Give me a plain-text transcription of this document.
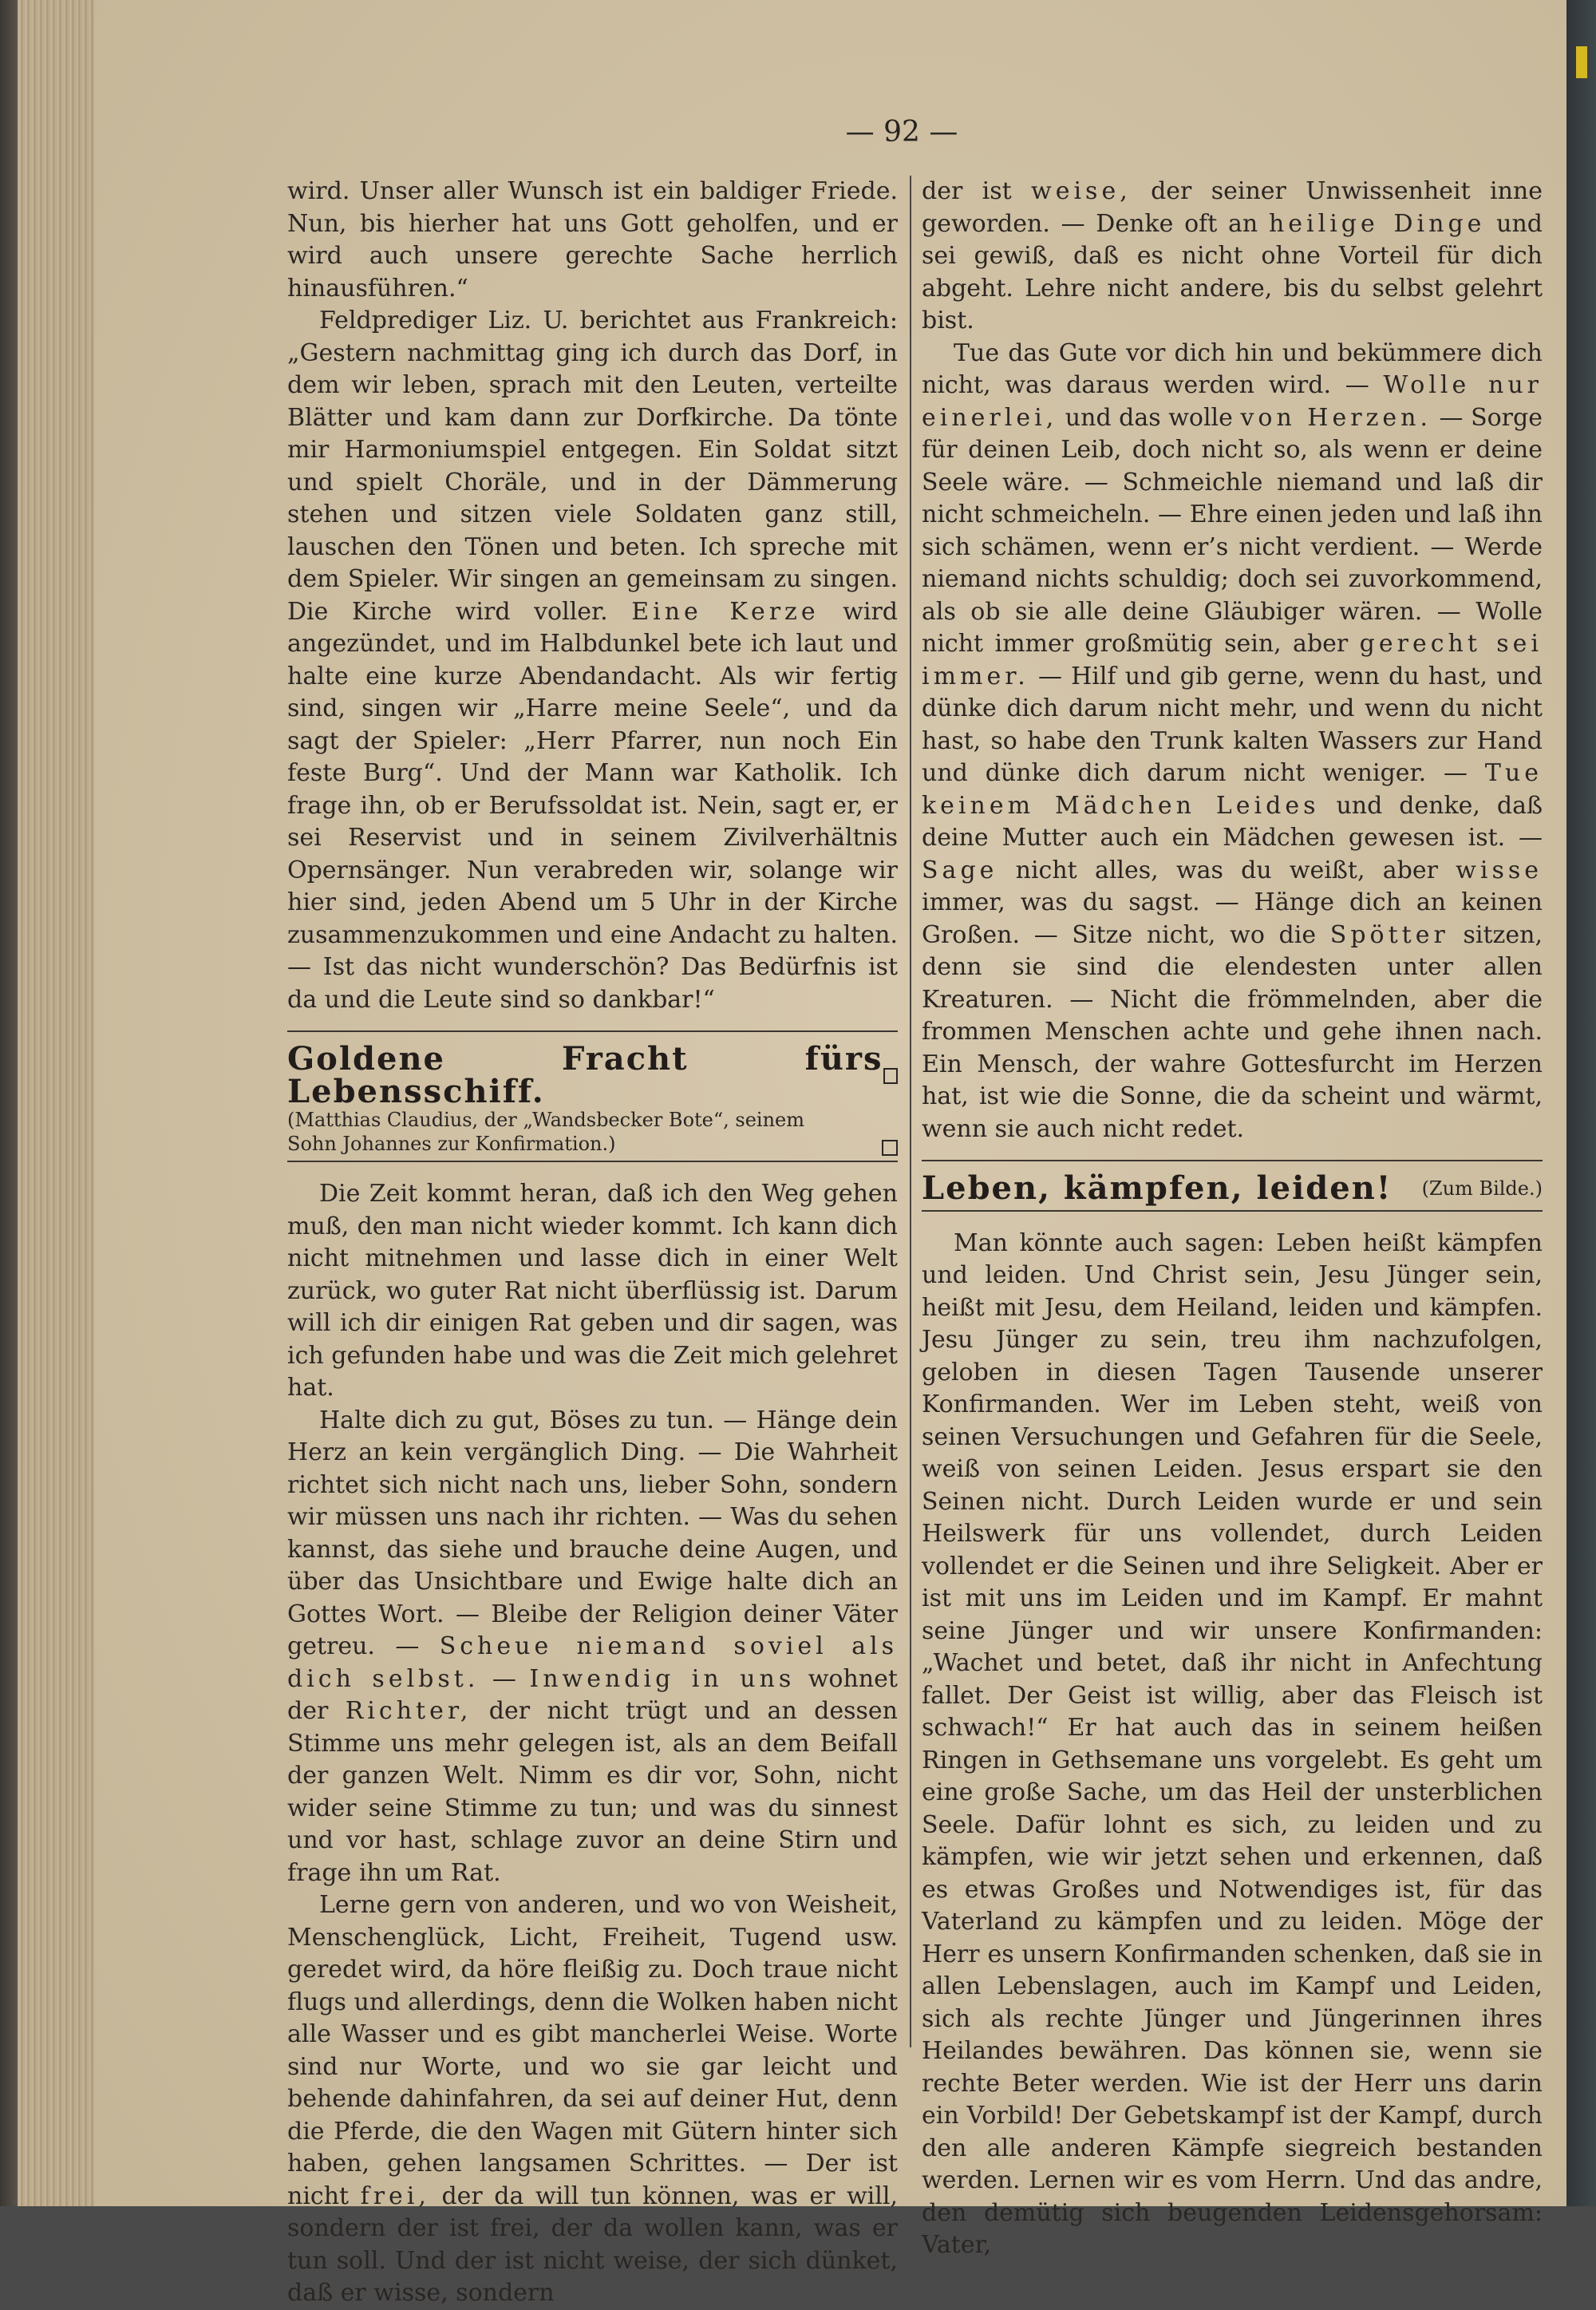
— 92 —

wird. Unser aller Wunsch ist ein baldiger Friede. Nun, bis hierher hat uns Gott geholfen, und er wird auch unsere gerechte Sache herrlich hinausführen.“

Feldprediger Liz. U. berichtet aus Frankreich: „Gestern nachmittag ging ich durch das Dorf, in dem wir leben, sprach mit den Leuten, verteilte Blätter und kam dann zur Dorfkirche. Da tönte mir Harmoniumspiel entgegen. Ein Soldat sitzt und spielt Choräle, und in der Dämmerung stehen und sitzen viele Soldaten ganz still, lauschen den Tönen und beten. Ich spreche mit dem Spieler. Wir singen an gemeinsam zu singen. Die Kirche wird voller. Eine Kerze wird angezündet, und im Halbdunkel bete ich laut und halte eine kurze Abendandacht. Als wir fertig sind, singen wir „Harre meine Seele“, und da sagt der Spieler: „Herr Pfarrer, nun noch Ein feste Burg“. Und der Mann war Katholik. Ich frage ihn, ob er Berufssoldat ist. Nein, sagt er, er sei Reservist und in seinem Zivilverhältnis Opernsänger. Nun verabreden wir, solange wir hier sind, jeden Abend um 5 Uhr in der Kirche zusammenzukommen und eine Andacht zu halten. — Ist das nicht wunderschön? Das Bedürfnis ist da und die Leute sind so dankbar!“

Goldene Fracht fürs Lebensschiff.
(Matthias Claudius, der „Wandsbecker Bote“, seinem
Sohn Johannes zur Konfirmation.)

Die Zeit kommt heran, daß ich den Weg gehen muß, den man nicht wieder kommt. Ich kann dich nicht mitnehmen und lasse dich in einer Welt zurück, wo guter Rat nicht überflüssig ist. Darum will ich dir einigen Rat geben und dir sagen, was ich gefunden habe und was die Zeit mich gelehret hat.

Halte dich zu gut, Böses zu tun. — Hänge dein Herz an kein vergänglich Ding. — Die Wahrheit richtet sich nicht nach uns, lieber Sohn, sondern wir müssen uns nach ihr richten. — Was du sehen kannst, das siehe und brauche deine Augen, und über das Unsichtbare und Ewige halte dich an Gottes Wort. — Bleibe der Religion deiner Väter getreu. — Scheue niemand soviel als dich selbst. — Inwendig in uns wohnet der Richter, der nicht trügt und an dessen Stimme uns mehr gelegen ist, als an dem Beifall der ganzen Welt. Nimm es dir vor, Sohn, nicht wider seine Stimme zu tun; und was du sinnest und vor hast, schlage zuvor an deine Stirn und frage ihn um Rat.

Lerne gern von anderen, und wo von Weisheit, Menschenglück, Licht, Freiheit, Tugend usw. geredet wird, da höre fleißig zu. Doch traue nicht flugs und allerdings, denn die Wolken haben nicht alle Wasser und es gibt mancherlei Weise. Worte sind nur Worte, und wo sie gar leicht und behende dahinfahren, da sei auf deiner Hut, denn die Pferde, die den Wagen mit Gütern hinter sich haben, gehen langsamen Schrittes. — Der ist nicht frei, der da will tun können, was er will, sondern der ist frei, der da wollen kann, was er tun soll. Und der ist nicht weise, der sich dünket, daß er wisse, sondern

der ist weise, der seiner Unwissenheit inne geworden. — Denke oft an heilige Dinge und sei gewiß, daß es nicht ohne Vorteil für dich abgeht. Lehre nicht andere, bis du selbst gelehrt bist.

Tue das Gute vor dich hin und bekümmere dich nicht, was daraus werden wird. — Wolle nur einerlei, und das wolle von Herzen. — Sorge für deinen Leib, doch nicht so, als wenn er deine Seele wäre. — Schmeichle niemand und laß dir nicht schmeicheln. — Ehre einen jeden und laß ihn sich schämen, wenn er’s nicht verdient. — Werde niemand nichts schuldig; doch sei zuvorkommend, als ob sie alle deine Gläubiger wären. — Wolle nicht immer großmütig sein, aber gerecht sei immer. — Hilf und gib gerne, wenn du hast, und dünke dich darum nicht mehr, und wenn du nicht hast, so habe den Trunk kalten Wassers zur Hand und dünke dich darum nicht weniger. — Tue keinem Mädchen Leides und denke, daß deine Mutter auch ein Mädchen gewesen ist. — Sage nicht alles, was du weißt, aber wisse immer, was du sagst. — Hänge dich an keinen Großen. — Sitze nicht, wo die Spötter sitzen, denn sie sind die elendesten unter allen Kreaturen. — Nicht die frömmelnden, aber die frommen Menschen achte und gehe ihnen nach. Ein Mensch, der wahre Gottesfurcht im Herzen hat, ist wie die Sonne, die da scheint und wärmt, wenn sie auch nicht redet.

Leben, kämpfen, leiden! (Zum Bilde.)

Man könnte auch sagen: Leben heißt kämpfen und leiden. Und Christ sein, Jesu Jünger sein, heißt mit Jesu, dem Heiland, leiden und kämpfen. Jesu Jünger zu sein, treu ihm nachzufolgen, geloben in diesen Tagen Tausende unserer Konfirmanden. Wer im Leben steht, weiß von seinen Versuchungen und Gefahren für die Seele, weiß von seinen Leiden. Jesus erspart sie den Seinen nicht. Durch Leiden wurde er und sein Heilswerk für uns vollendet, durch Leiden vollendet er die Seinen und ihre Seligkeit. Aber er ist mit uns im Leiden und im Kampf. Er mahnt seine Jünger und wir unsere Konfirmanden: „Wachet und betet, daß ihr nicht in Anfechtung fallet. Der Geist ist willig, aber das Fleisch ist schwach!“ Er hat auch das in seinem heißen Ringen in Gethsemane uns vorgelebt. Es geht um eine große Sache, um das Heil der unsterblichen Seele. Dafür lohnt es sich, zu leiden und zu kämpfen, wie wir jetzt sehen und erkennen, daß es etwas Großes und Notwendiges ist, für das Vaterland zu kämpfen und zu leiden. Möge der Herr es unsern Konfirmanden schenken, daß sie in allen Lebenslagen, auch im Kampf und Leiden, sich als rechte Jünger und Jüngerinnen ihres Heilandes bewähren. Das können sie, wenn sie rechte Beter werden. Wie ist der Herr uns darin ein Vorbild! Der Gebetskampf ist der Kampf, durch den alle anderen Kämpfe siegreich bestanden werden. Lernen wir es vom Herrn. Und das andre, den demütig sich beugenden Leidensgehorsam: Vater,
